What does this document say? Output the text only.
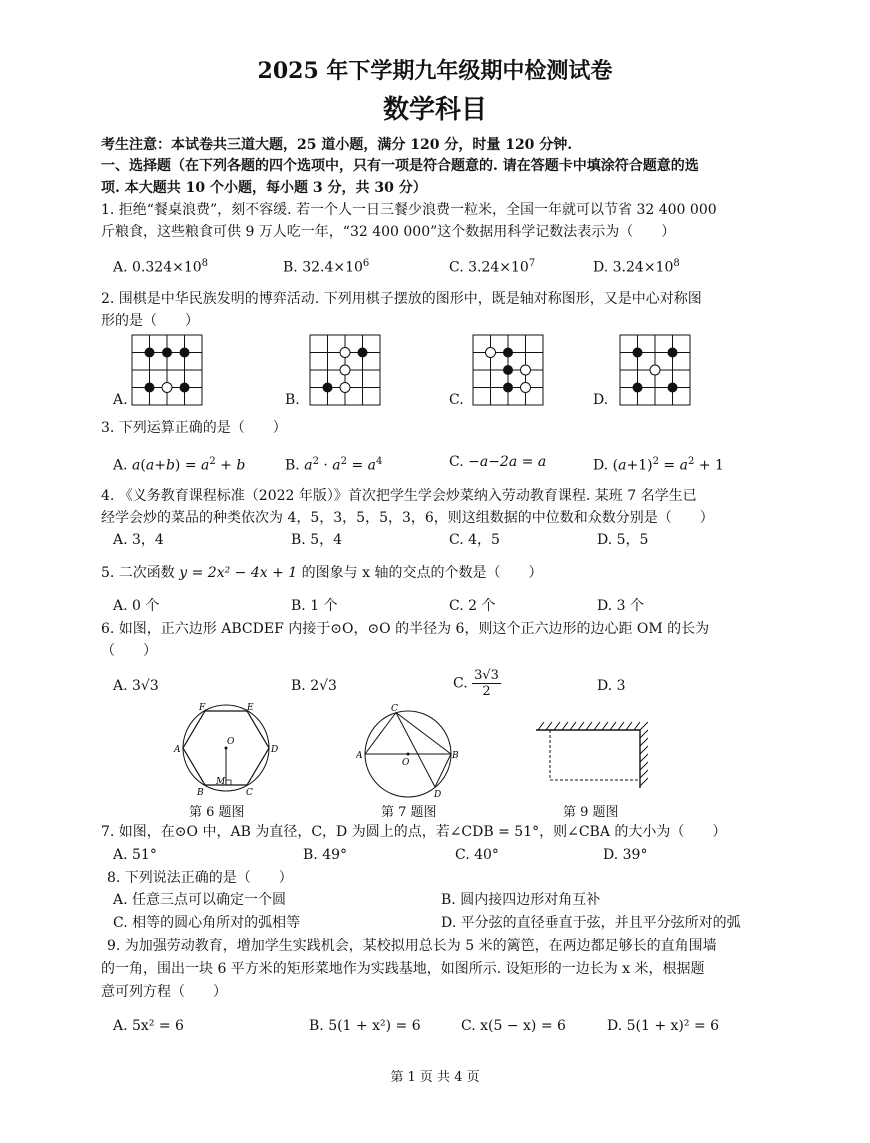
2025 年下学期九年级期中检测试卷
数学科目
考生注意：本试卷共三道大题，25 道小题，满分 120 分，时量 120 分钟.
一、选择题（在下列各题的四个选项中，只有一项是符合题意的. 请在答题卡中填涂符合题意的选
项. 本大题共 10 个小题，每小题 3 分，共 30 分）
1. 拒绝“餐桌浪费”，刻不容缓. 若一个人一日三餐少浪费一粒米，全国一年就可以节省 32 400 000
斤粮食，这些粮食可供 9 万人吃一年，“32 400 000”这个数据用科学记数法表示为（　　）
A. $0.324\times 10^8$	B. $32.4\times 10^6$	C. $3.24\times 10^7$	D. $3.24\times 10^8$
2. 围棋是中华民族发明的博弈活动. 下列用棋子摆放的图形中，既是轴对称图形，又是中心对称图
形的是（　　）
A.	B.	C.	D.
3. 下列运算正确的是（　　）
A. $a(a+b) = a^2 + b$	B. $a^2 \cdot a^2 = a^4$	C. −a−2a = a	D. $(a+1)^2 = a^2 + 1$
4. 《义务教育课程标准（2022 年版）》首次把学生学会炒菜纳入劳动教育课程. 某班 7 名学生已
经学会炒的菜品的种类依次为 4，5，3，5，5，3，6，则这组数据的中位数和众数分别是（　　）
A. 3，4	B. 5，4	C. 4，5	D. 5，5
5. 二次函数 y = 2x² − 4x + 1 的图象与 x 轴的交点的个数是（　　）
A. 0 个	B. 1 个	C. 2 个	D. 3 个
6. 如图，正六边形 ABCDEF 内接于⊙O，⊙O 的半径为 6，则这个正六边形的边心距 OM 的长为
（　　）
A. 3√3	B. 2√3	C. $\frac{3√3}{2}$	D. 3
F	E
A	D
B	C
O
M
第 6 题图
C
A	B
D
O
第 7 题图	第 9 题图
7. 如图，在⊙O 中，AB 为直径，C，D 为圆上的点，若∠CDB = 51°，则∠CBA 的大小为（　　）
A. 51°	B. 49°	C. 40°	D. 39°
8. 下列说法正确的是（　　）
A. 任意三点可以确定一个圆	B. 圆内接四边形对角互补
C. 相等的圆心角所对的弧相等	D. 平分弦的直径垂直于弦，并且平分弦所对的弧
9. 为加强劳动教育，增加学生实践机会，某校拟用总长为 5 米的篱笆，在两边都足够长的直角围墙
的一角，围出一块 6 平方米的矩形菜地作为实践基地，如图所示. 设矩形的一边长为 x 米，根据题
意可列方程（　　）
A. 5x² = 6	B. 5(1 + x²) = 6	C. x(5 − x) = 6	D. 5(1 + x)² = 6
第 1 页 共 4 页
